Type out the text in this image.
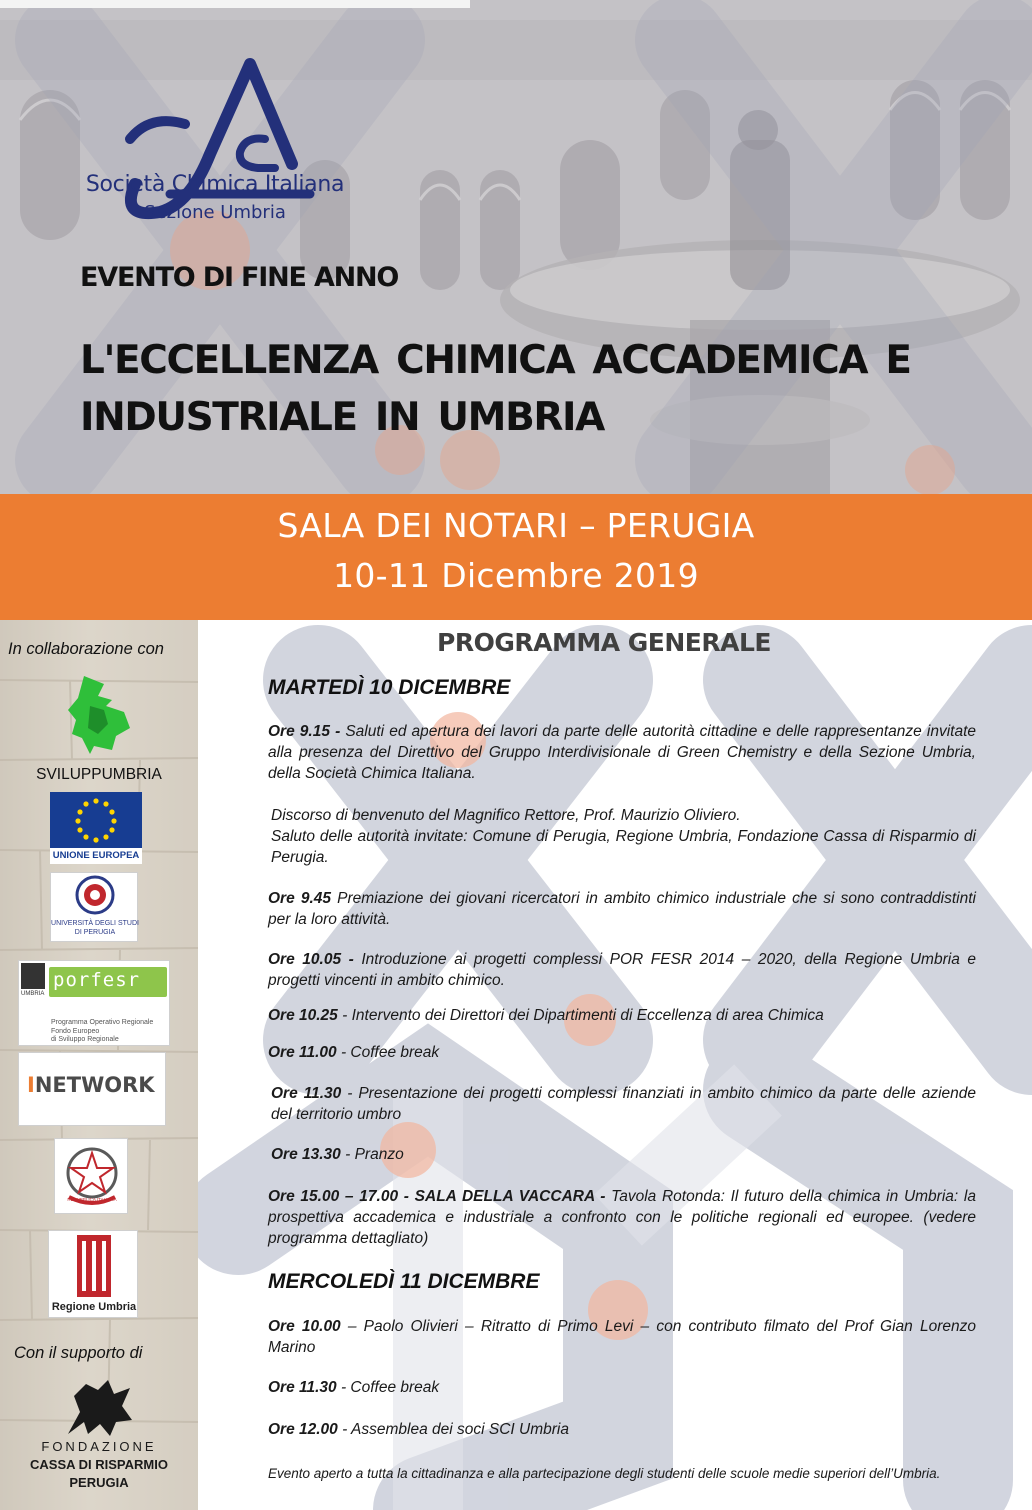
Società Chimica Italiana
Sezione Umbria
EVENTO DI FINE ANNO
L'ECCELLENZA CHIMICA ACCADEMICA E
INDUSTRIALE IN UMBRIA
SALA DEI NOTARI – PERUGIA
10-11 Dicembre 2019
In collaborazione con
SVILUPPUMBRIA
UNIONE EUROPEA
UNIVERSITÀ DEGLI STUDI
DI PERUGIA
UMBRIA
porfesr
Programma Operativo Regionale
Fondo Europeo
di Sviluppo Regionale
INETWORK
REPUBBLICA ITALIANA
Regione Umbria
Con il supporto di
FONDAZIONE
CASSA DI RISPARMIO
PERUGIA
PROGRAMMA GENERALE
MARTEDÌ 10 DICEMBRE
Ore 9.15 - Saluti ed apertura dei lavori da parte delle autorità cittadine e delle rappresentanze invitate alla presenza del Direttivo del Gruppo Interdivisionale di Green Chemistry e della Sezione Umbria, della Società Chimica Italiana.
Discorso di benvenuto del Magnifico Rettore, Prof. Maurizio Oliviero.
Saluto delle autorità invitate: Comune di Perugia, Regione Umbria, Fondazione Cassa di Risparmio di Perugia.
Ore 9.45 Premiazione dei giovani ricercatori in ambito chimico industriale che si sono contraddistinti per la loro attività.
Ore 10.05 - Introduzione ai progetti complessi POR FESR 2014 – 2020, della Regione Umbria e progetti vincenti in ambito chimico.
Ore 10.25 - Intervento dei Direttori dei Dipartimenti di Eccellenza di area Chimica
Ore 11.00 - Coffee break
Ore 11.30 - Presentazione dei progetti complessi finanziati in ambito chimico da parte delle aziende del territorio umbro
Ore 13.30 - Pranzo
Ore 15.00 – 17.00 - SALA DELLA VACCARA - Tavola Rotonda: Il futuro della chimica in Umbria: la prospettiva accademica e industriale a confronto con le politiche regionali ed europee. (vedere programma dettagliato)
MERCOLEDÌ 11 DICEMBRE
Ore 10.00 – Paolo Olivieri – Ritratto di Primo Levi – con contributo filmato del Prof Gian Lorenzo Marino
Ore 11.30 - Coffee break
Ore 12.00 - Assemblea dei soci SCI Umbria
Evento aperto a tutta la cittadinanza e alla partecipazione degli studenti delle scuole medie superiori dell’Umbria.
